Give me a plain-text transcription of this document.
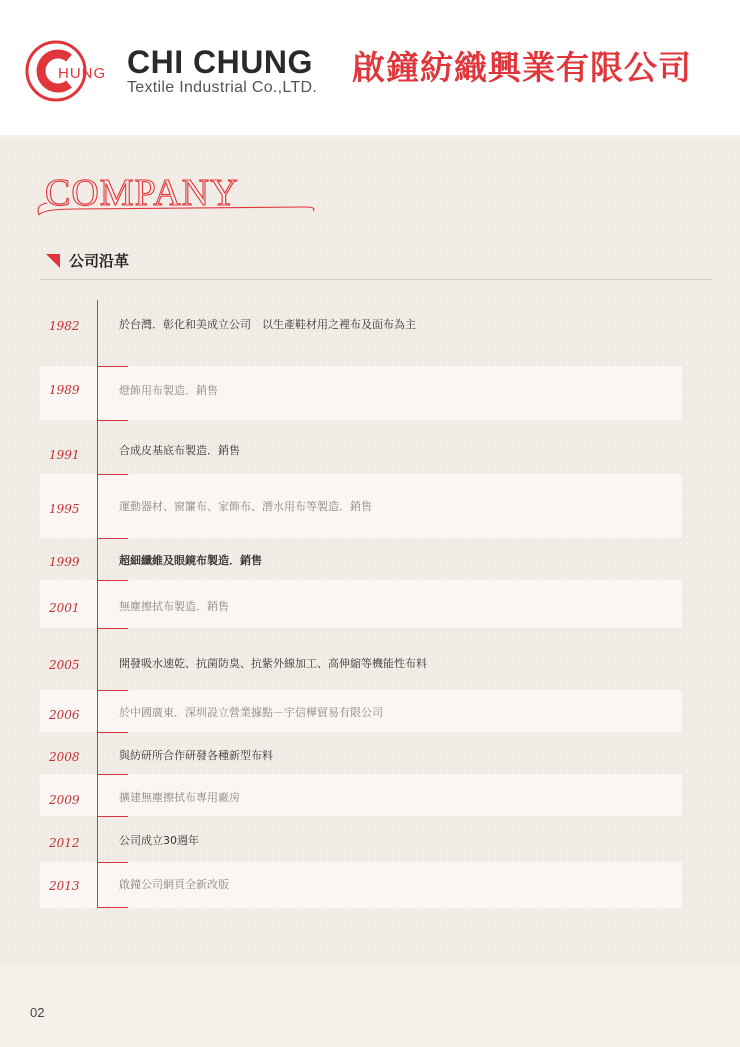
HUNG CHI CHUNG
Textile Industrial Co.,LTD.
啟鐘紡織興業有限公司
COMPANY
公司沿革
2013	啟鐘公司網頁全新改版
2012	公司成立30週年
2009	擴建無塵擦拭布專用廠房
2008	與紡研所合作研發各種新型布料
2006	於中國廣東．深圳設立營業據點－宇信樺貿易有限公司
2005	開發吸水速乾、抗菌防臭、抗紫外線加工、高伸縮等機能性布料
2001	無塵擦拭布製造．銷售
1999	超細纖維及眼鏡布製造．銷售
1995	運動器材、窗簾布、家飾布、潛水用布等製造．銷售
1991	合成皮基底布製造．銷售
1989	燈飾用布製造．銷售
1982	於台灣．彰化和美成立公司　以生產鞋材用之裡布及面布為主
02
